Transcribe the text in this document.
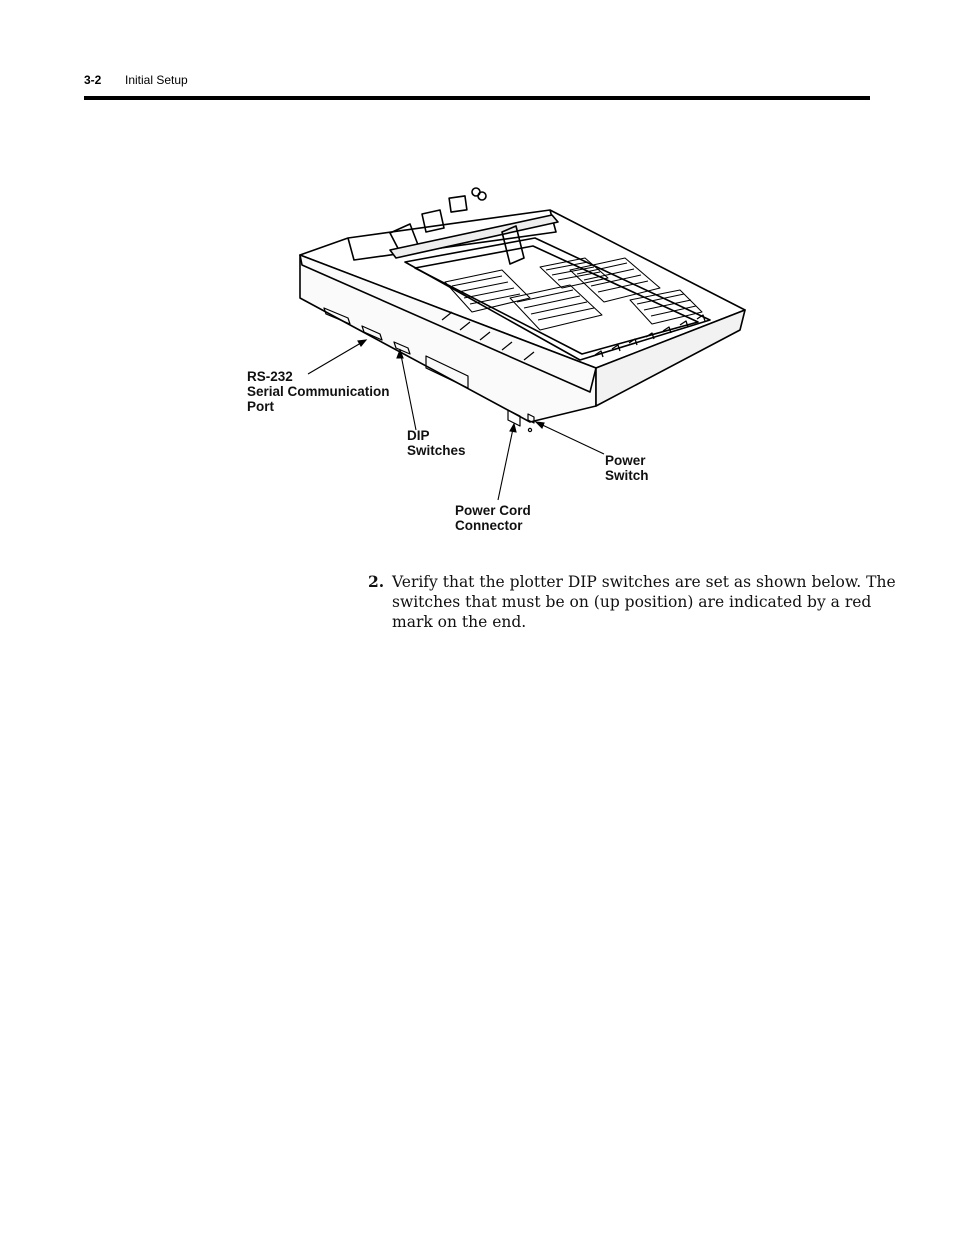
3-2 Initial Setup
RS-232
Serial Communication
Port
DIP
Switches
Power
Switch
Power Cord
Connector
2. Verify that the plotter DIP switches are set as shown below. The
switches that must be on (up position) are indicated by a red
mark on the end.
